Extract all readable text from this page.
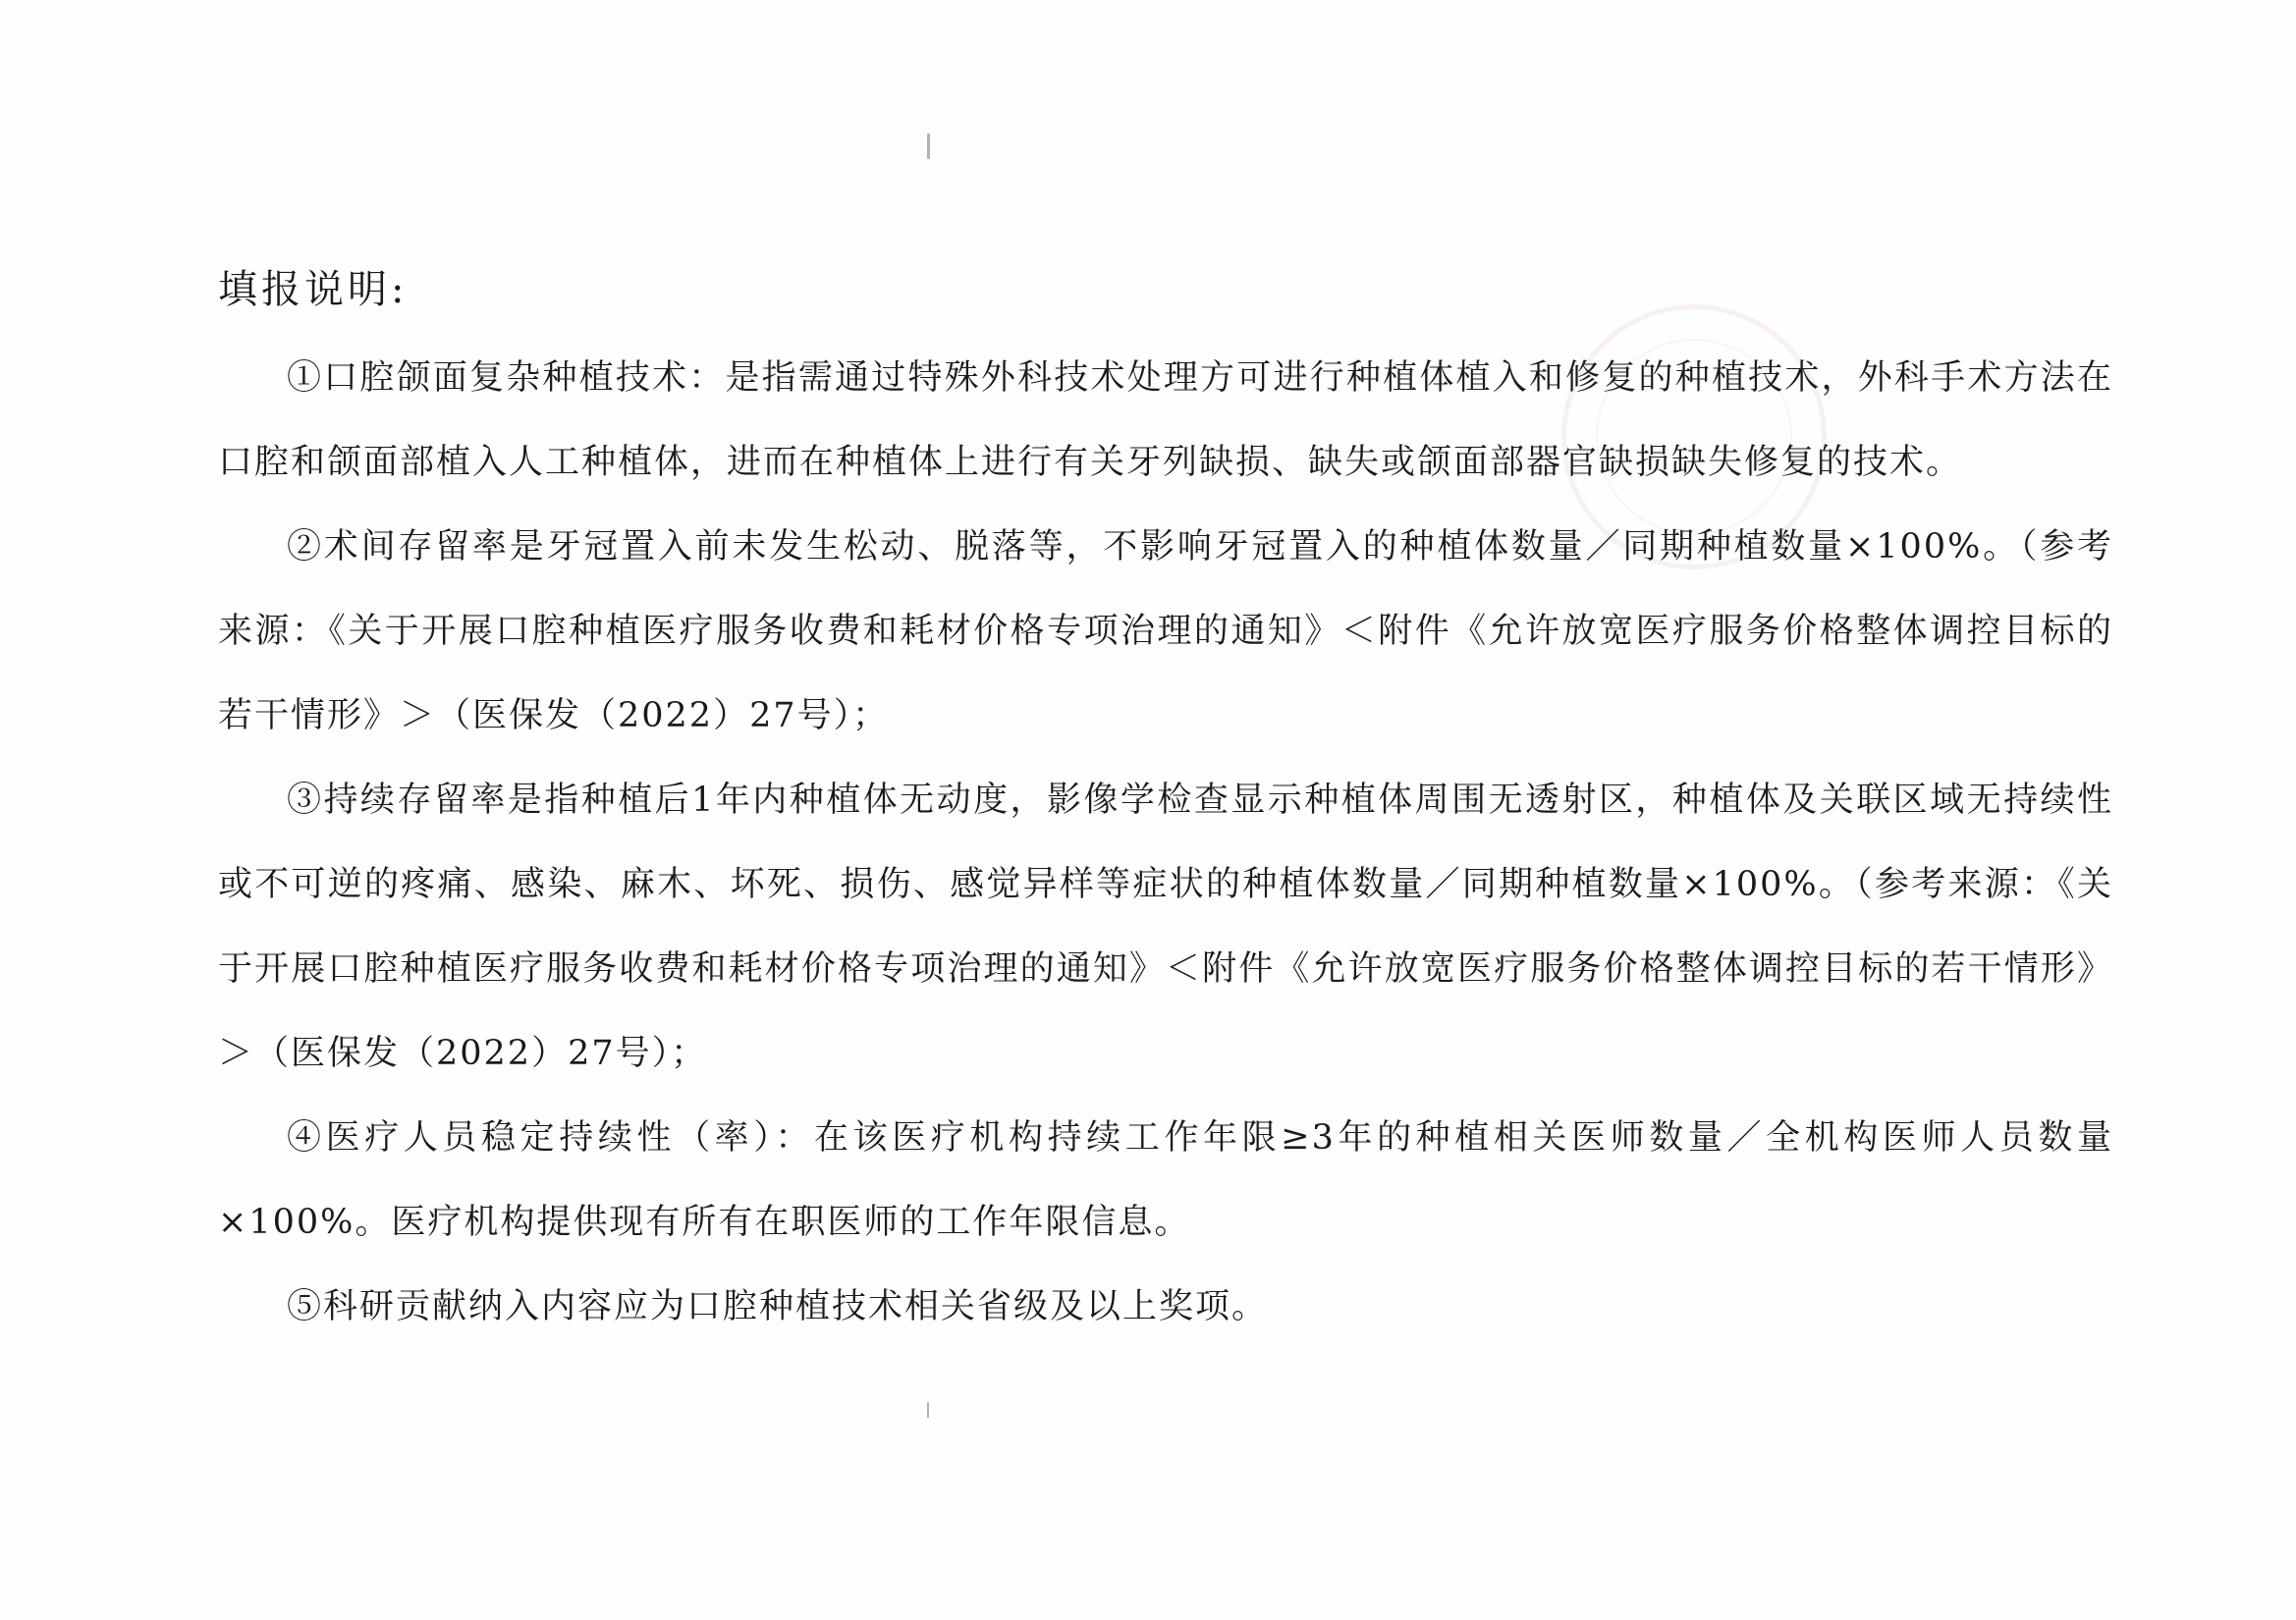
填报说明:

①口腔颌面复杂种植技术：是指需通过特殊外科技术处理方可进行种植体植入和修复的种植技术，外科手术方法在口腔和颌面部植入人工种植体，进而在种植体上进行有关牙列缺损、缺失或颌面部器官缺损缺失修复的技术。

②术间存留率是牙冠置入前未发生松动、脱落等，不影响牙冠置入的种植体数量／同期种植数量×100%。（参考来源：《关于开展口腔种植医疗服务收费和耗材价格专项治理的通知》＜附件《允许放宽医疗服务价格整体调控目标的若干情形》＞（医保发（2022）27号）；

③持续存留率是指种植后1年内种植体无动度，影像学检查显示种植体周围无透射区，种植体及关联区域无持续性或不可逆的疼痛、感染、麻木、坏死、损伤、感觉异样等症状的种植体数量／同期种植数量×100%。（参考来源：《关于开展口腔种植医疗服务收费和耗材价格专项治理的通知》＜附件《允许放宽医疗服务价格整体调控目标的若干情形》＞（医保发（2022）27号）；

④医疗人员稳定持续性（率）：在该医疗机构持续工作年限≥3年的种植相关医师数量／全机构医师人员数量×100%。医疗机构提供现有所有在职医师的工作年限信息。

⑤科研贡献纳入内容应为口腔种植技术相关省级及以上奖项。
